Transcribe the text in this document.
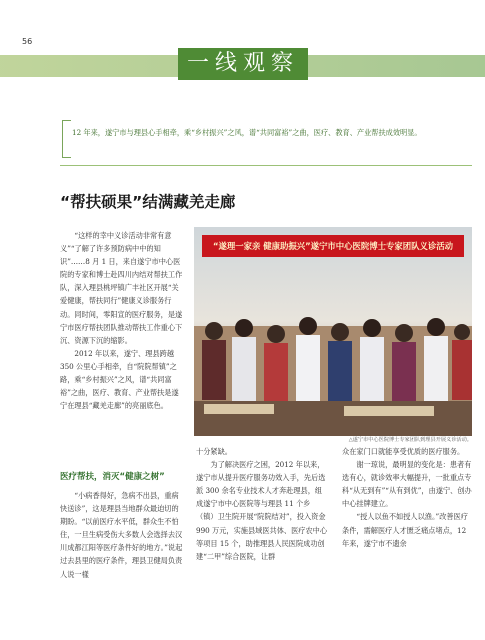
56
一线观察
12 年来，遂宁市与理县心手相牵，乘“乡村振兴”之风，谱“共同富裕”之曲，医疗、教育、产业帮扶成效明显。
“帮扶硕果”结满藏羌走廊

“这样的幸中义诊活动非常有意义”“了解了许多预防病中中的知识”……8 月 1 日，来自遂宁市中心医院的专家和博士赴四川内结对帮扶工作队，深入理县桃坪镇广丰社区开展“关爱健康，帮扶同行”健康义诊服务行动。同时间，零阳宣的医疗服务，是遂宁市医疗帮扶团队推动帮扶工作重心下沉、资源下沉的缩影。

2012 年以来，遂宁、理县跨越 350 公里心手相牵，自“院院帮镇”之路，乘“乡村振兴”之风，谱“共同富裕”之曲，医疗、教育、产业帮扶是遂宁在理县“藏羌走廊”的亮丽底色。

医疗帮扶，消灭“健康之树”

“小病香得好，急病不出县，重病快送诊”，这是理县当地群众最迫切的期盼。“以前医疗水平低，群众生不怕住，一旦生病受伤大多数人会选择去汉川成都江阳等医疗条件好的地方。”说起过去县里的医疗条件，理县卫健局负责人说一樣

“遂理一家亲 健康助振兴”遂宁市中心医院博士专家团队义诊活动
△遂宁市中心医院博士专家团队到理县开展义诊活动。

十分紧缺。

为了解决医疗之困，2012 年以来，遂宁市从提升医疗服务功效入手，先后选派 300 余名专业技术人才奔赴理县，组成遂宁市中心医院等与理县 11 个乡（镇）卫生院开展“院院结对”，投入资金 990 万元，实施县域医共体、医疗农中心等项目 15 个，助推理县人民医院成功创建“二甲”综合医院，让群

众在家门口就能享受优质的医疗服务。

谢一琼说，最明显的变化是：患者有选有心，就诊效率大幅提升，一批重点专科“从无到有”“从有到优”，由遂宁、创办中心挂牌建立。

“授人以鱼不如授人以渔。”改善医疗条件，需解医疗人才匮乏痛点堵点，12 年来，遂宁市不遗余
